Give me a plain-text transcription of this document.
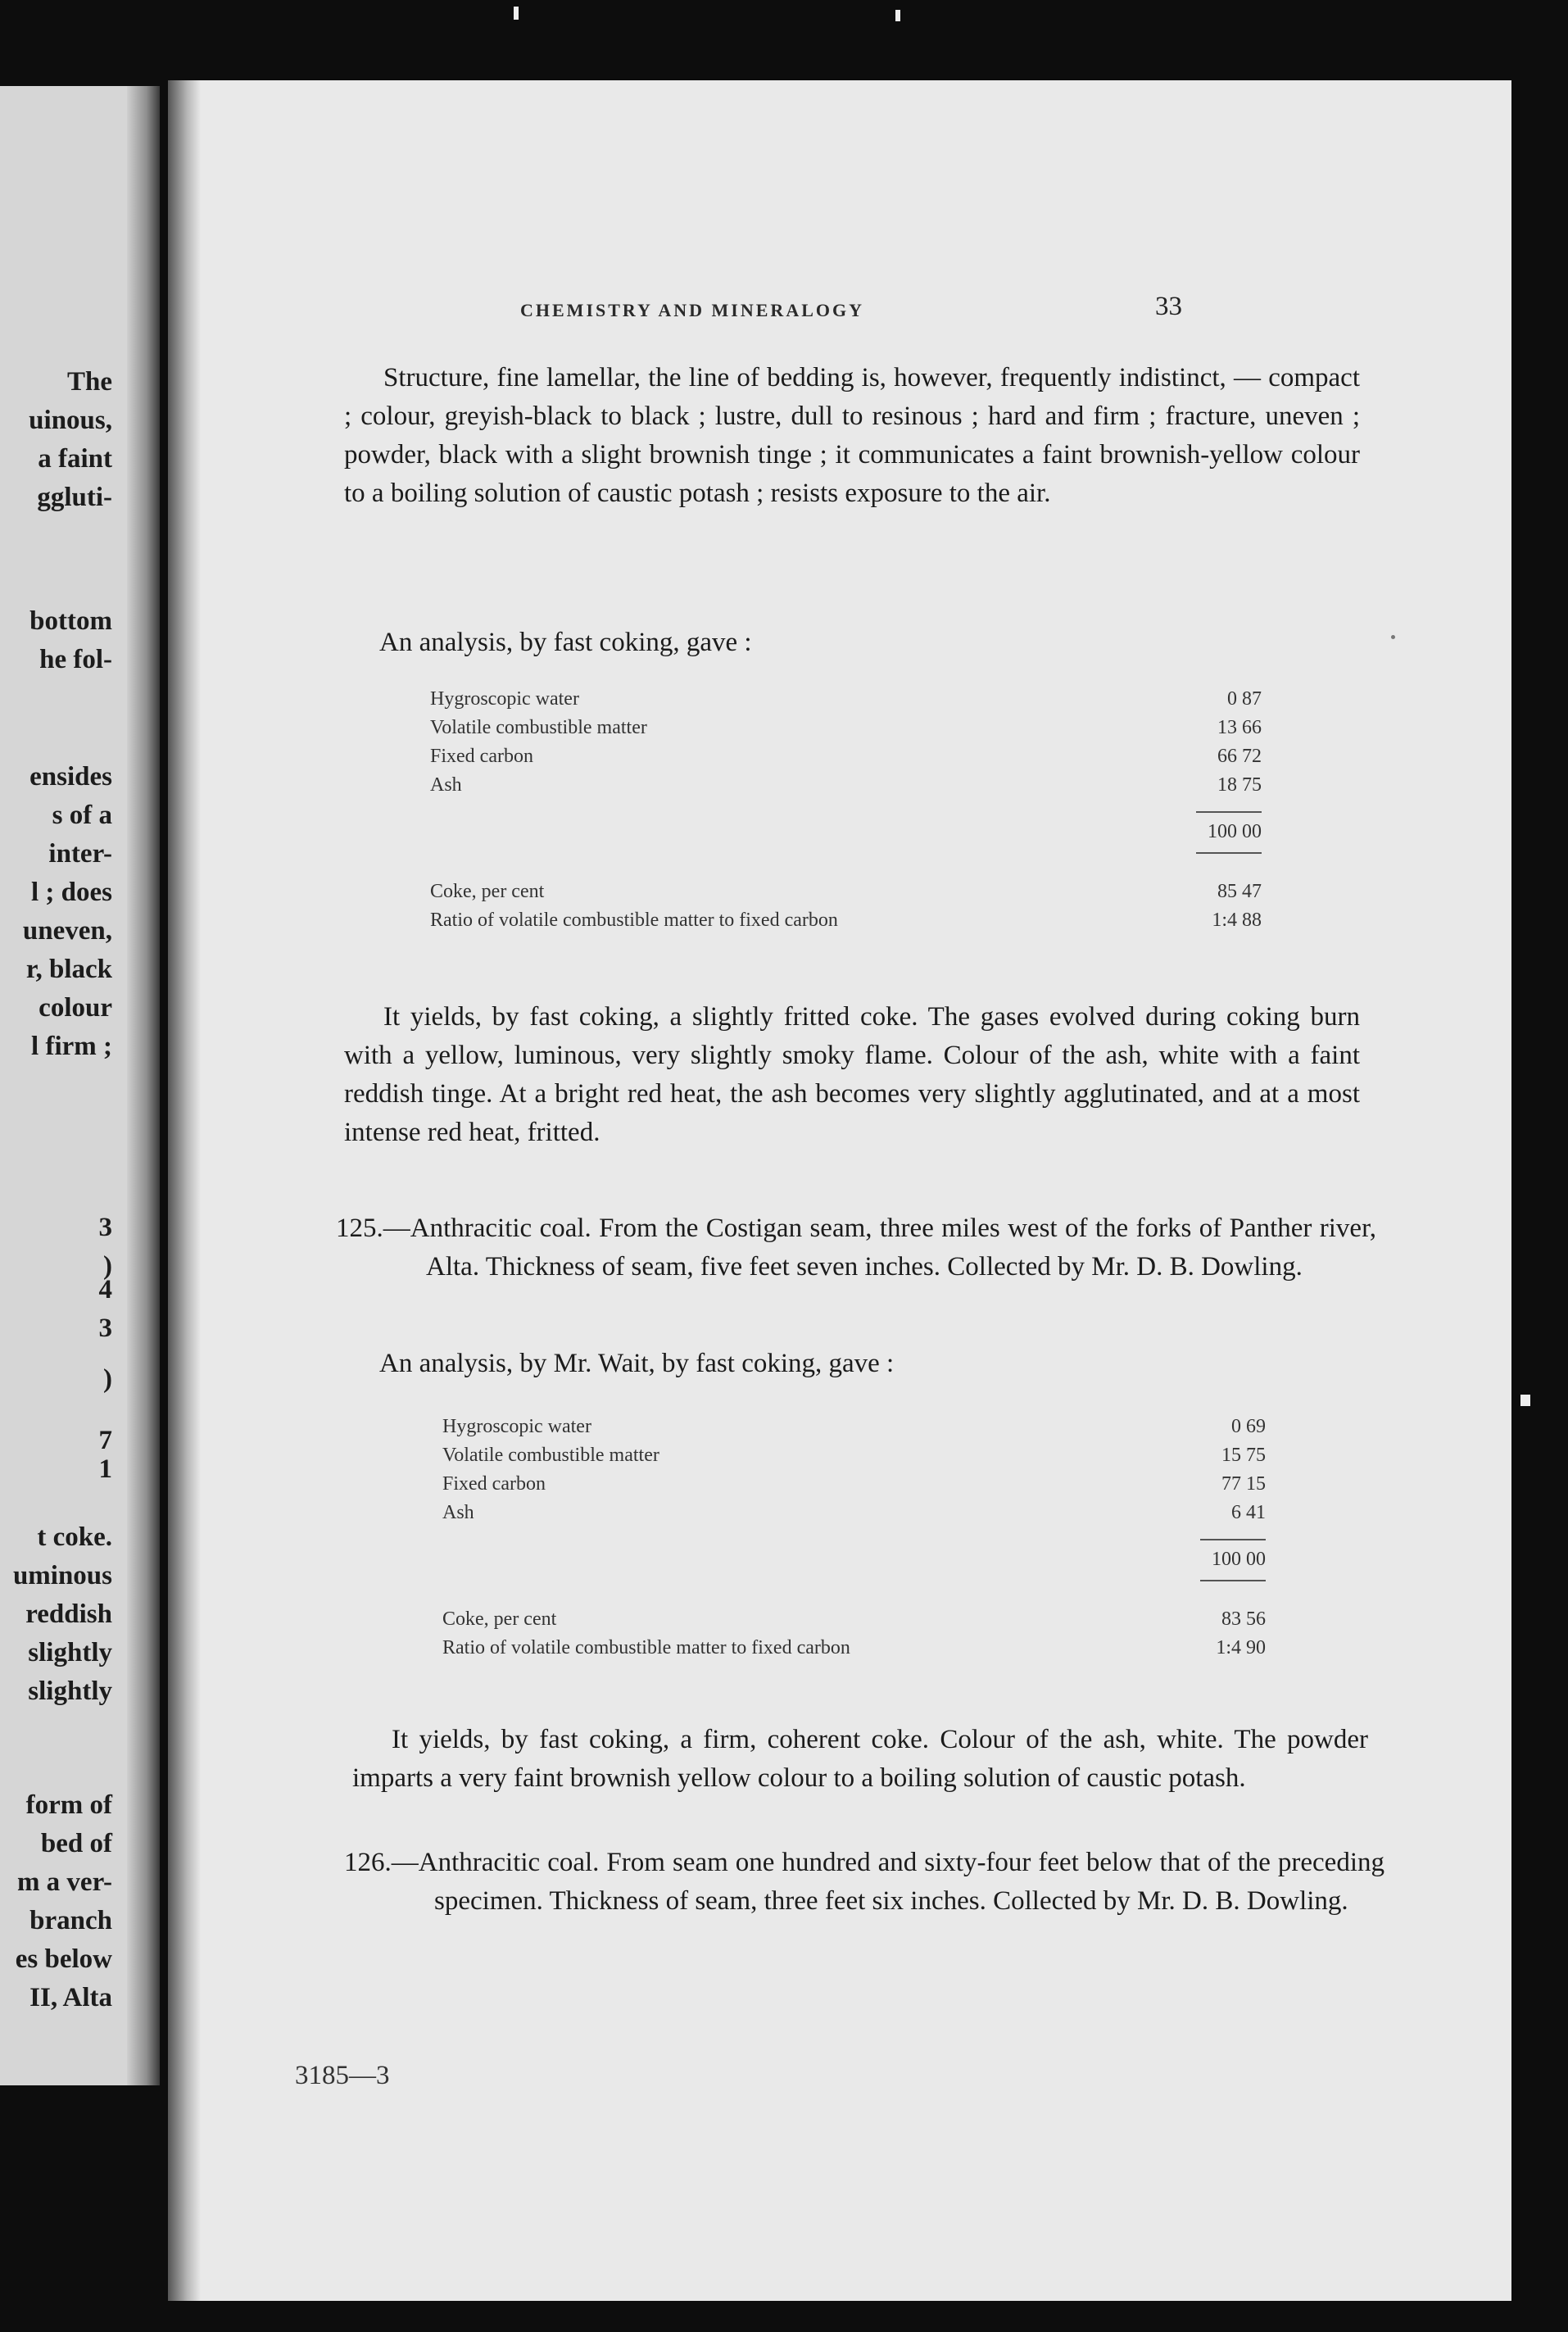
The
uinous,
a faint
ggluti-
bottom
he fol-
ensides
s of a
inter-
l ; does
uneven,
r, black
colour
l firm ;
3
)
4
3
)
7
1
t coke.
uminous
reddish
slightly
slightly
form of
bed of
m a ver-
branch
es below
II, Alta
CHEMISTRY AND MINERALOGY	33

Structure, fine lamellar, the line of bedding is, however, frequently indistinct, — compact ; colour, greyish-black to black ; lustre, dull to resinous ; hard and firm ; fracture, uneven ; powder, black with a slight brownish tinge ; it communicates a faint brownish-yellow colour to a boiling solution of caustic potash ; resists exposure to the air.

An analysis, by fast coking, gave :

Hygroscopic water	0 87
Volatile combustible matter	13 66
Fixed carbon	66 72
Ash	18 75
100 00
Coke, per cent	85 47
Ratio of volatile combustible matter to fixed carbon	1:4 88

It yields, by fast coking, a slightly fritted coke. The gases evolved during coking burn with a yellow, luminous, very slightly smoky flame. Colour of the ash, white with a faint reddish tinge. At a bright red heat, the ash becomes very slightly agglutinated, and at a most intense red heat, fritted.

125.—Anthracitic coal. From the Costigan seam, three miles west of the forks of Panther river, Alta. Thickness of seam, five feet seven inches. Collected by Mr. D. B. Dowling.

An analysis, by Mr. Wait, by fast coking, gave :

Hygroscopic water	0 69
Volatile combustible matter	15 75
Fixed carbon	77 15
Ash	6 41
100 00
Coke, per cent	83 56
Ratio of volatile combustible matter to fixed carbon	1:4 90

It yields, by fast coking, a firm, coherent coke. Colour of the ash, white. The powder imparts a very faint brownish yellow colour to a boiling solution of caustic potash.

126.—Anthracitic coal. From seam one hundred and sixty-four feet below that of the preceding specimen. Thickness of seam, three feet six inches. Collected by Mr. D. B. Dowling.

3185—3
